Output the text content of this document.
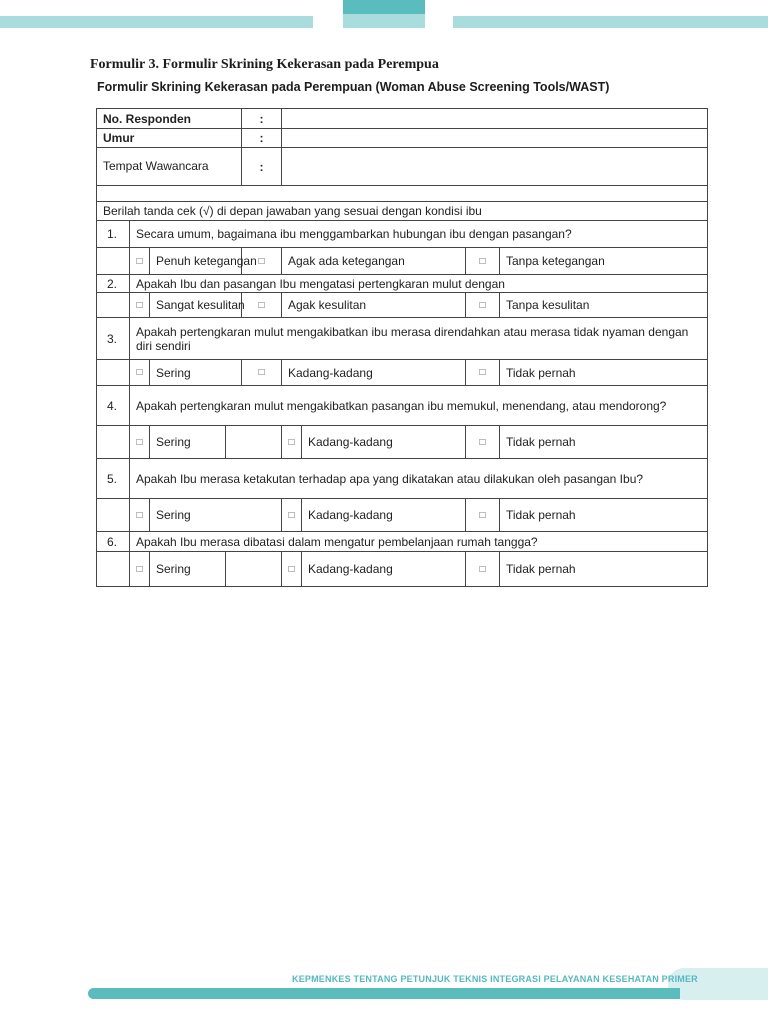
Formulir 3. Formulir Skrining Kekerasan pada Perempua
Formulir Skrining Kekerasan pada Perempuan (Woman Abuse Screening Tools/WAST)
No. Responden				:				
Umur				:				
Tempat Wawancara				:				

Berilah tanda cek (√) di depan jawaban yang sesuai dengan kondisi ibu								
1.	Secara umum, bagaimana ibu menggambarkan hubungan ibu dengan pasangan?							
	□	Penuh ketegangan		□	Agak ada ketegangan		□	Tanpa ketegangan
2.	Apakah Ibu dan pasangan Ibu mengatasi pertengkaran mulut dengan							
	□	Sangat kesulitan		□	Agak kesulitan		□	Tanpa kesulitan
3.	Apakah pertengkaran mulut mengakibatkan ibu merasa direndahkan atau merasa tidak nyaman dengan diri sendiri							
	□	Sering		□	Kadang-kadang		□	Tidak pernah
4.	Apakah pertengkaran mulut mengakibatkan pasangan ibu memukul, menendang, atau mendorong?							
	□	Sering			□	Kadang-kadang	□	Tidak pernah
5.	Apakah Ibu merasa ketakutan terhadap apa yang dikatakan atau dilakukan oleh pasangan Ibu?							
	□	Sering			□	Kadang-kadang	□	Tidak pernah
6.	Apakah Ibu merasa dibatasi dalam mengatur pembelanjaan rumah tangga?							
	□	Sering			□	Kadang-kadang	□	Tidak pernah
KEPMENKES TENTANG PETUNJUK TEKNIS INTEGRASI PELAYANAN KESEHATAN PRIMER
